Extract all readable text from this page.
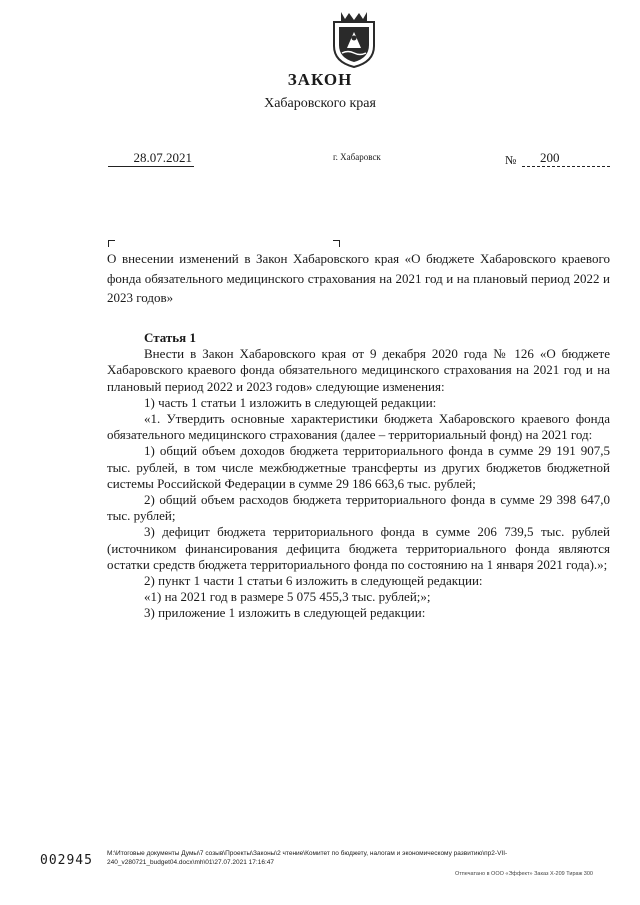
ЗАКОН
Хабаровского края
28.07.2021	г. Хабаровск	№	200
О внесении изменений в Закон Хабаровского края «О бюджете Хабаровского краевого фонда обязательного медицинского страхования на 2021 год и на плановый период 2022 и 2023 годов»

Статья 1

Внести в Закон Хабаровского края от 9 декабря 2020 года № 126 «О бюджете Хабаровского краевого фонда обязательного медицинского страхования на 2021 год и на плановый период 2022 и 2023 годов» следующие изменения:

1) часть 1 статьи 1 изложить в следующей редакции:

«1. Утвердить основные характеристики бюджета Хабаровского краевого фонда обязательного медицинского страхования (далее – территориальный фонд) на 2021 год:

1) общий объем доходов бюджета территориального фонда в сумме 29 191 907,5 тыс. рублей, в том числе межбюджетные трансферты из других бюджетов бюджетной системы Российской Федерации в сумме 29 186 663,6 тыс. рублей;

2) общий объем расходов бюджета территориального фонда в сумме 29 398 647,0 тыс. рублей;

3) дефицит бюджета территориального фонда в сумме 206 739,5 тыс. рублей (источником финансирования дефицита бюджета территориального фонда являются остатки средств бюджета территориального фонда по состоянию на 1 января 2021 года).»;

2) пункт 1 части 1 статьи 6 изложить в следующей редакции:

«1) на 2021 год в размере 5 075 455,3 тыс. рублей;»;

3) приложение 1 изложить в следующей редакции:

002945 M:\Итоговые документы Думы\7 созыв\Проекты\Законы\2 чтение\Комитет по бюджету, налогам и экономическому развитию\пр2-VII-240_v280721_budget04.docx\mh\01\27.07.2021 17:16:47
Отпечатано в ООО «Эффект» Заказ Х-209 Тираж 300
